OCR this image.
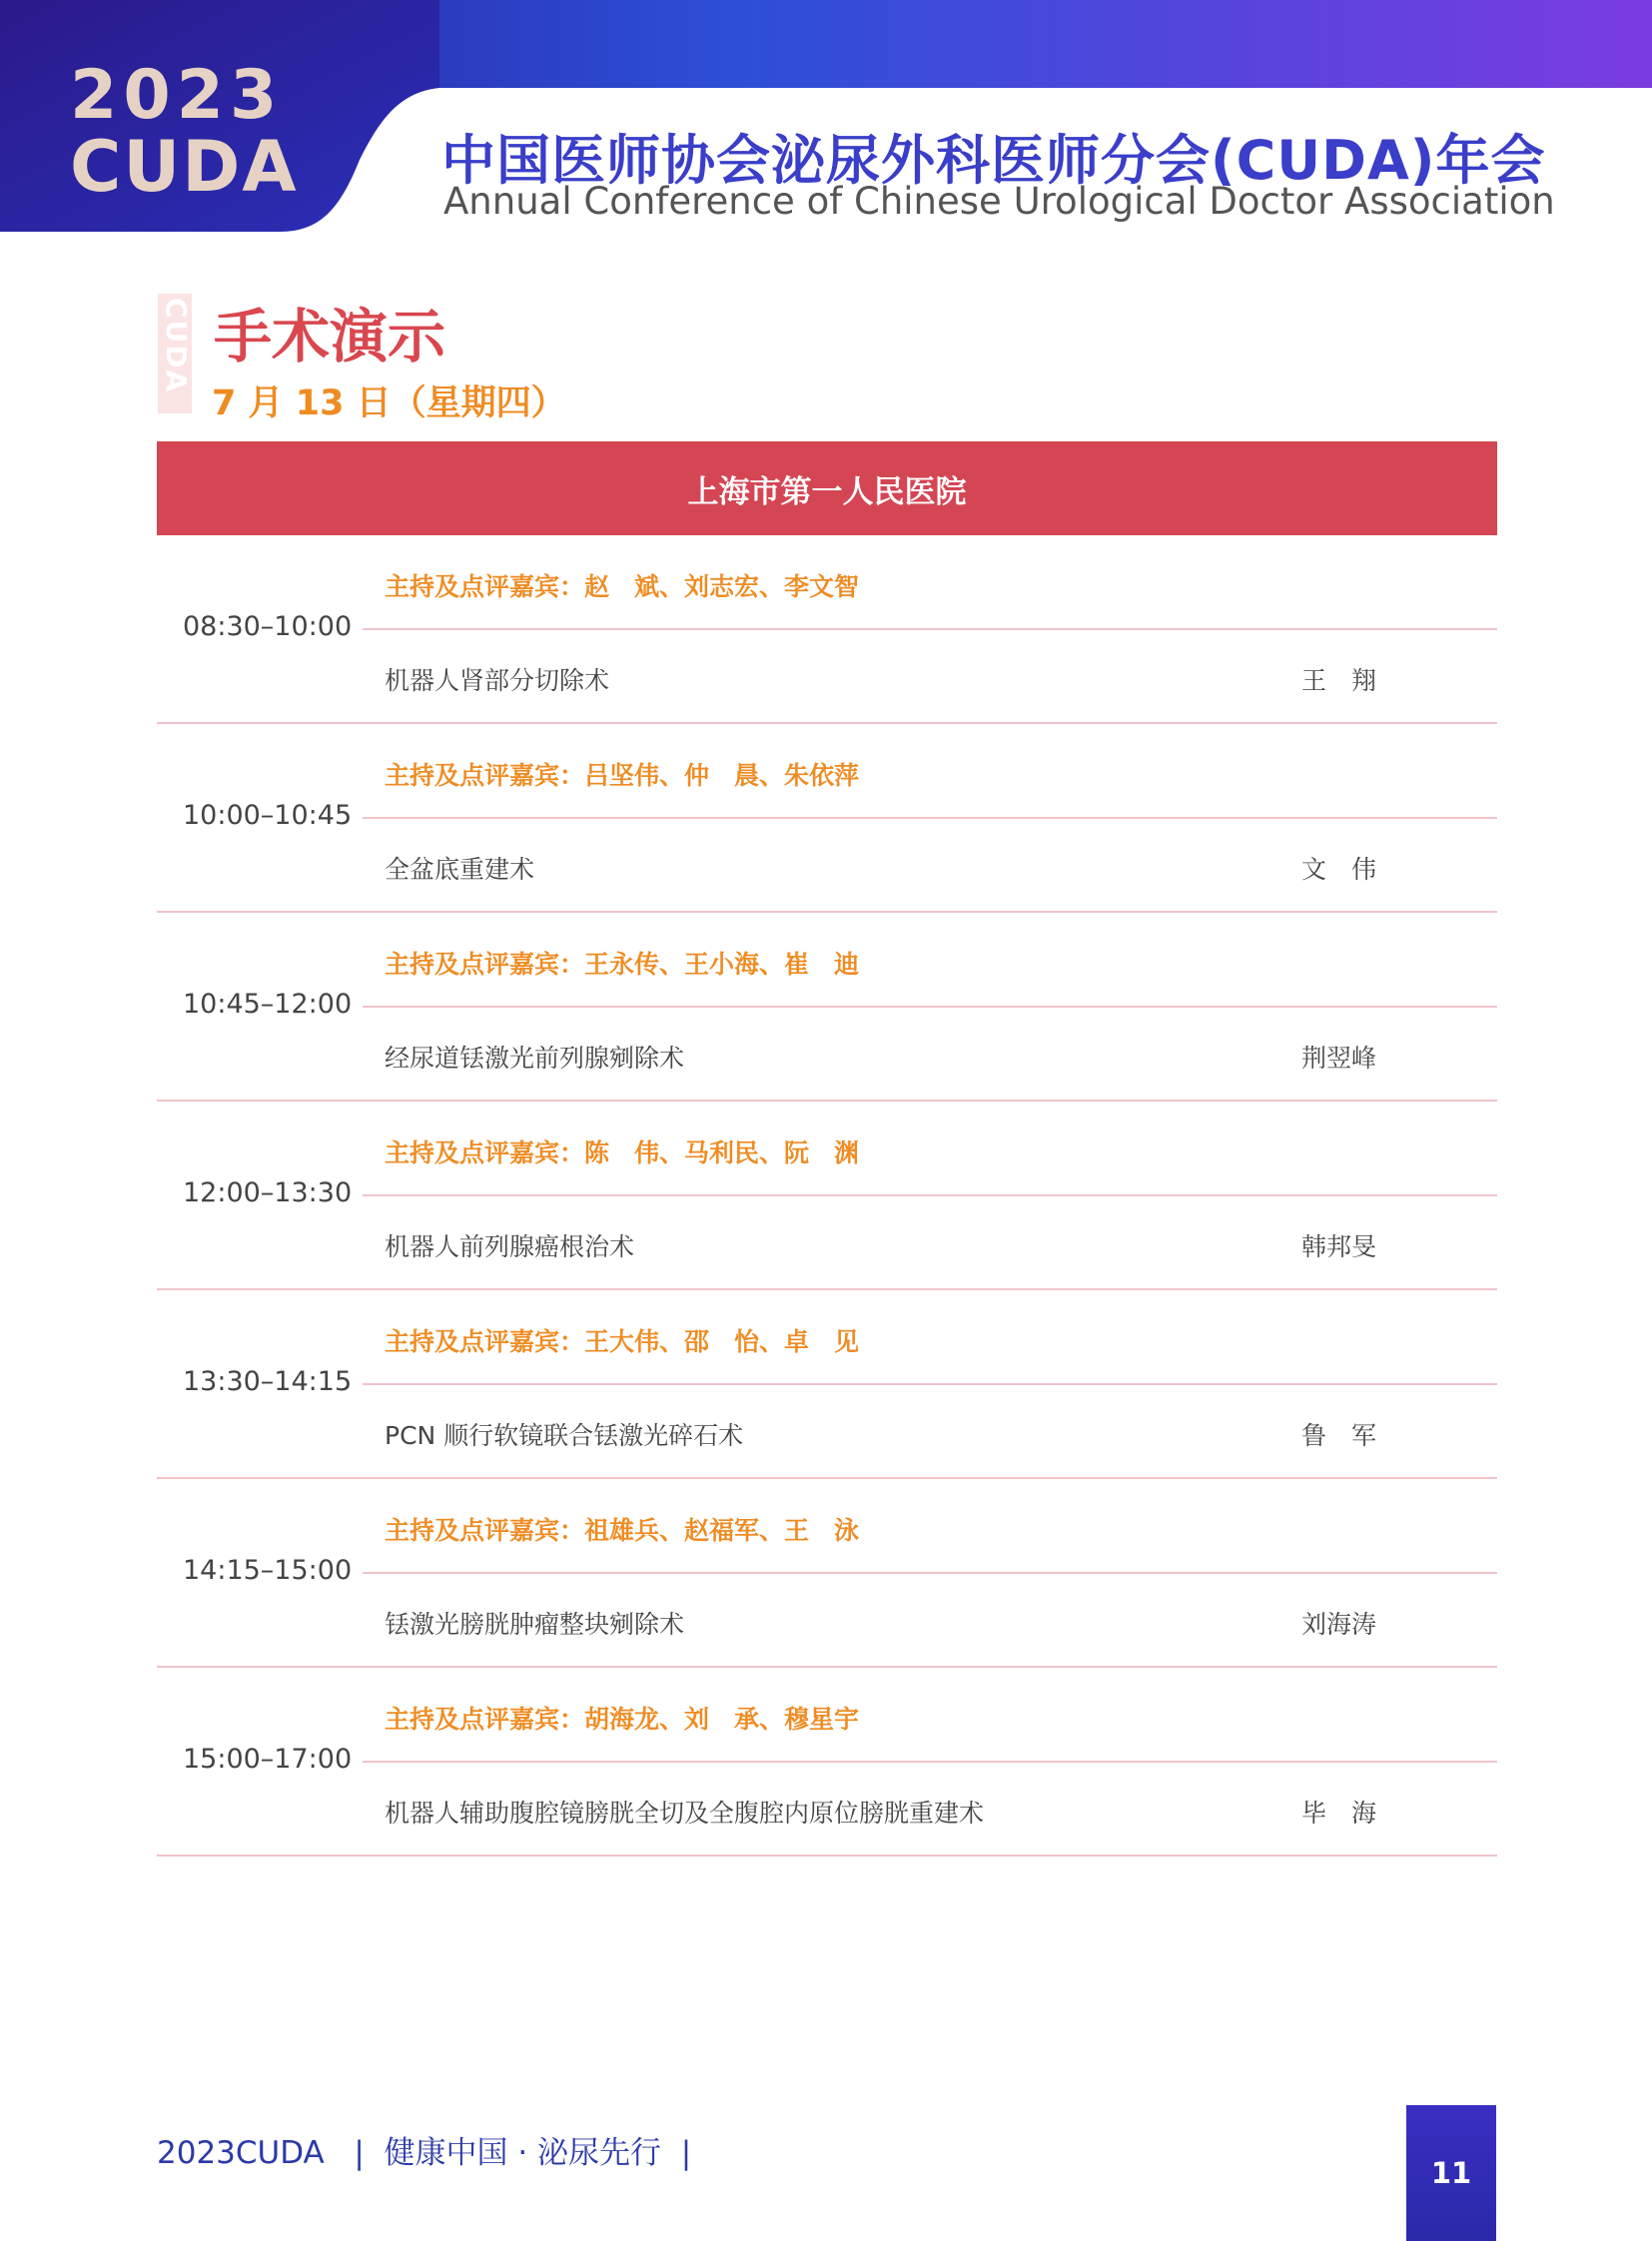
2023
CUDA	中国医师协会泌尿外科医师分会(CUDA)年会
Annual Conference of Chinese Urological Doctor Association
CUDA 手术演示
7 月 13 日（星期四）
上海市第一人民医院
08:30–10:00
主持及点评嘉宾：赵　斌、刘志宏、李文智
机器人肾部分切除术	王　翔
10:00–10:45
主持及点评嘉宾：吕坚伟、仲　晨、朱依萍
全盆底重建术	文　伟
10:45–12:00
主持及点评嘉宾：王永传、王小海、崔　迪
经尿道铥激光前列腺剜除术	荆翌峰
12:00–13:30
主持及点评嘉宾：陈　伟、马利民、阮　渊
机器人前列腺癌根治术	韩邦旻
13:30–14:15
主持及点评嘉宾：王大伟、邵　怡、卓　见
PCN 顺行软镜联合铥激光碎石术	鲁　军
14:15–15:00
主持及点评嘉宾：祖雄兵、赵福军、王　泳
铥激光膀胱肿瘤整块剜除术	刘海涛
15:00–17:00
主持及点评嘉宾：胡海龙、刘　承、穆星宇
机器人辅助腹腔镜膀胱全切及全腹腔内原位膀胱重建术	毕　海
2023CUDA   |  健康中国 · 泌尿先行  |
11
